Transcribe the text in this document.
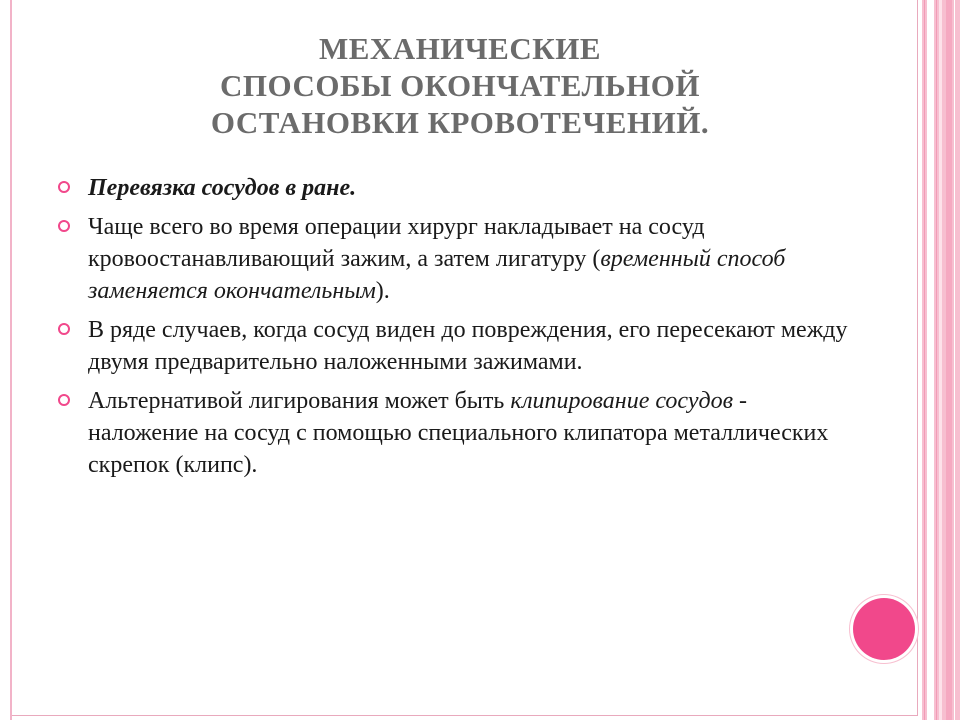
МЕХАНИЧЕСКИЕ
СПОСОБЫ ОКОНЧАТЕЛЬНОЙ
ОСТАНОВКИ КРОВОТЕЧЕНИЙ.
Перевязка сосудов в ране.
Чаще всего во время операции хирург накладывает на сосуд кровоостанавливающий зажим, а затем лигатуру (временный способ заменяется окончательным).
В ряде случаев, когда сосуд виден до повреждения, его пересекают между двумя предварительно наложенными зажимами.
Альтернативой лигирования может быть клипирование сосудов - наложение на сосуд с помощью специального клипатора металлических скрепок (клипс).
